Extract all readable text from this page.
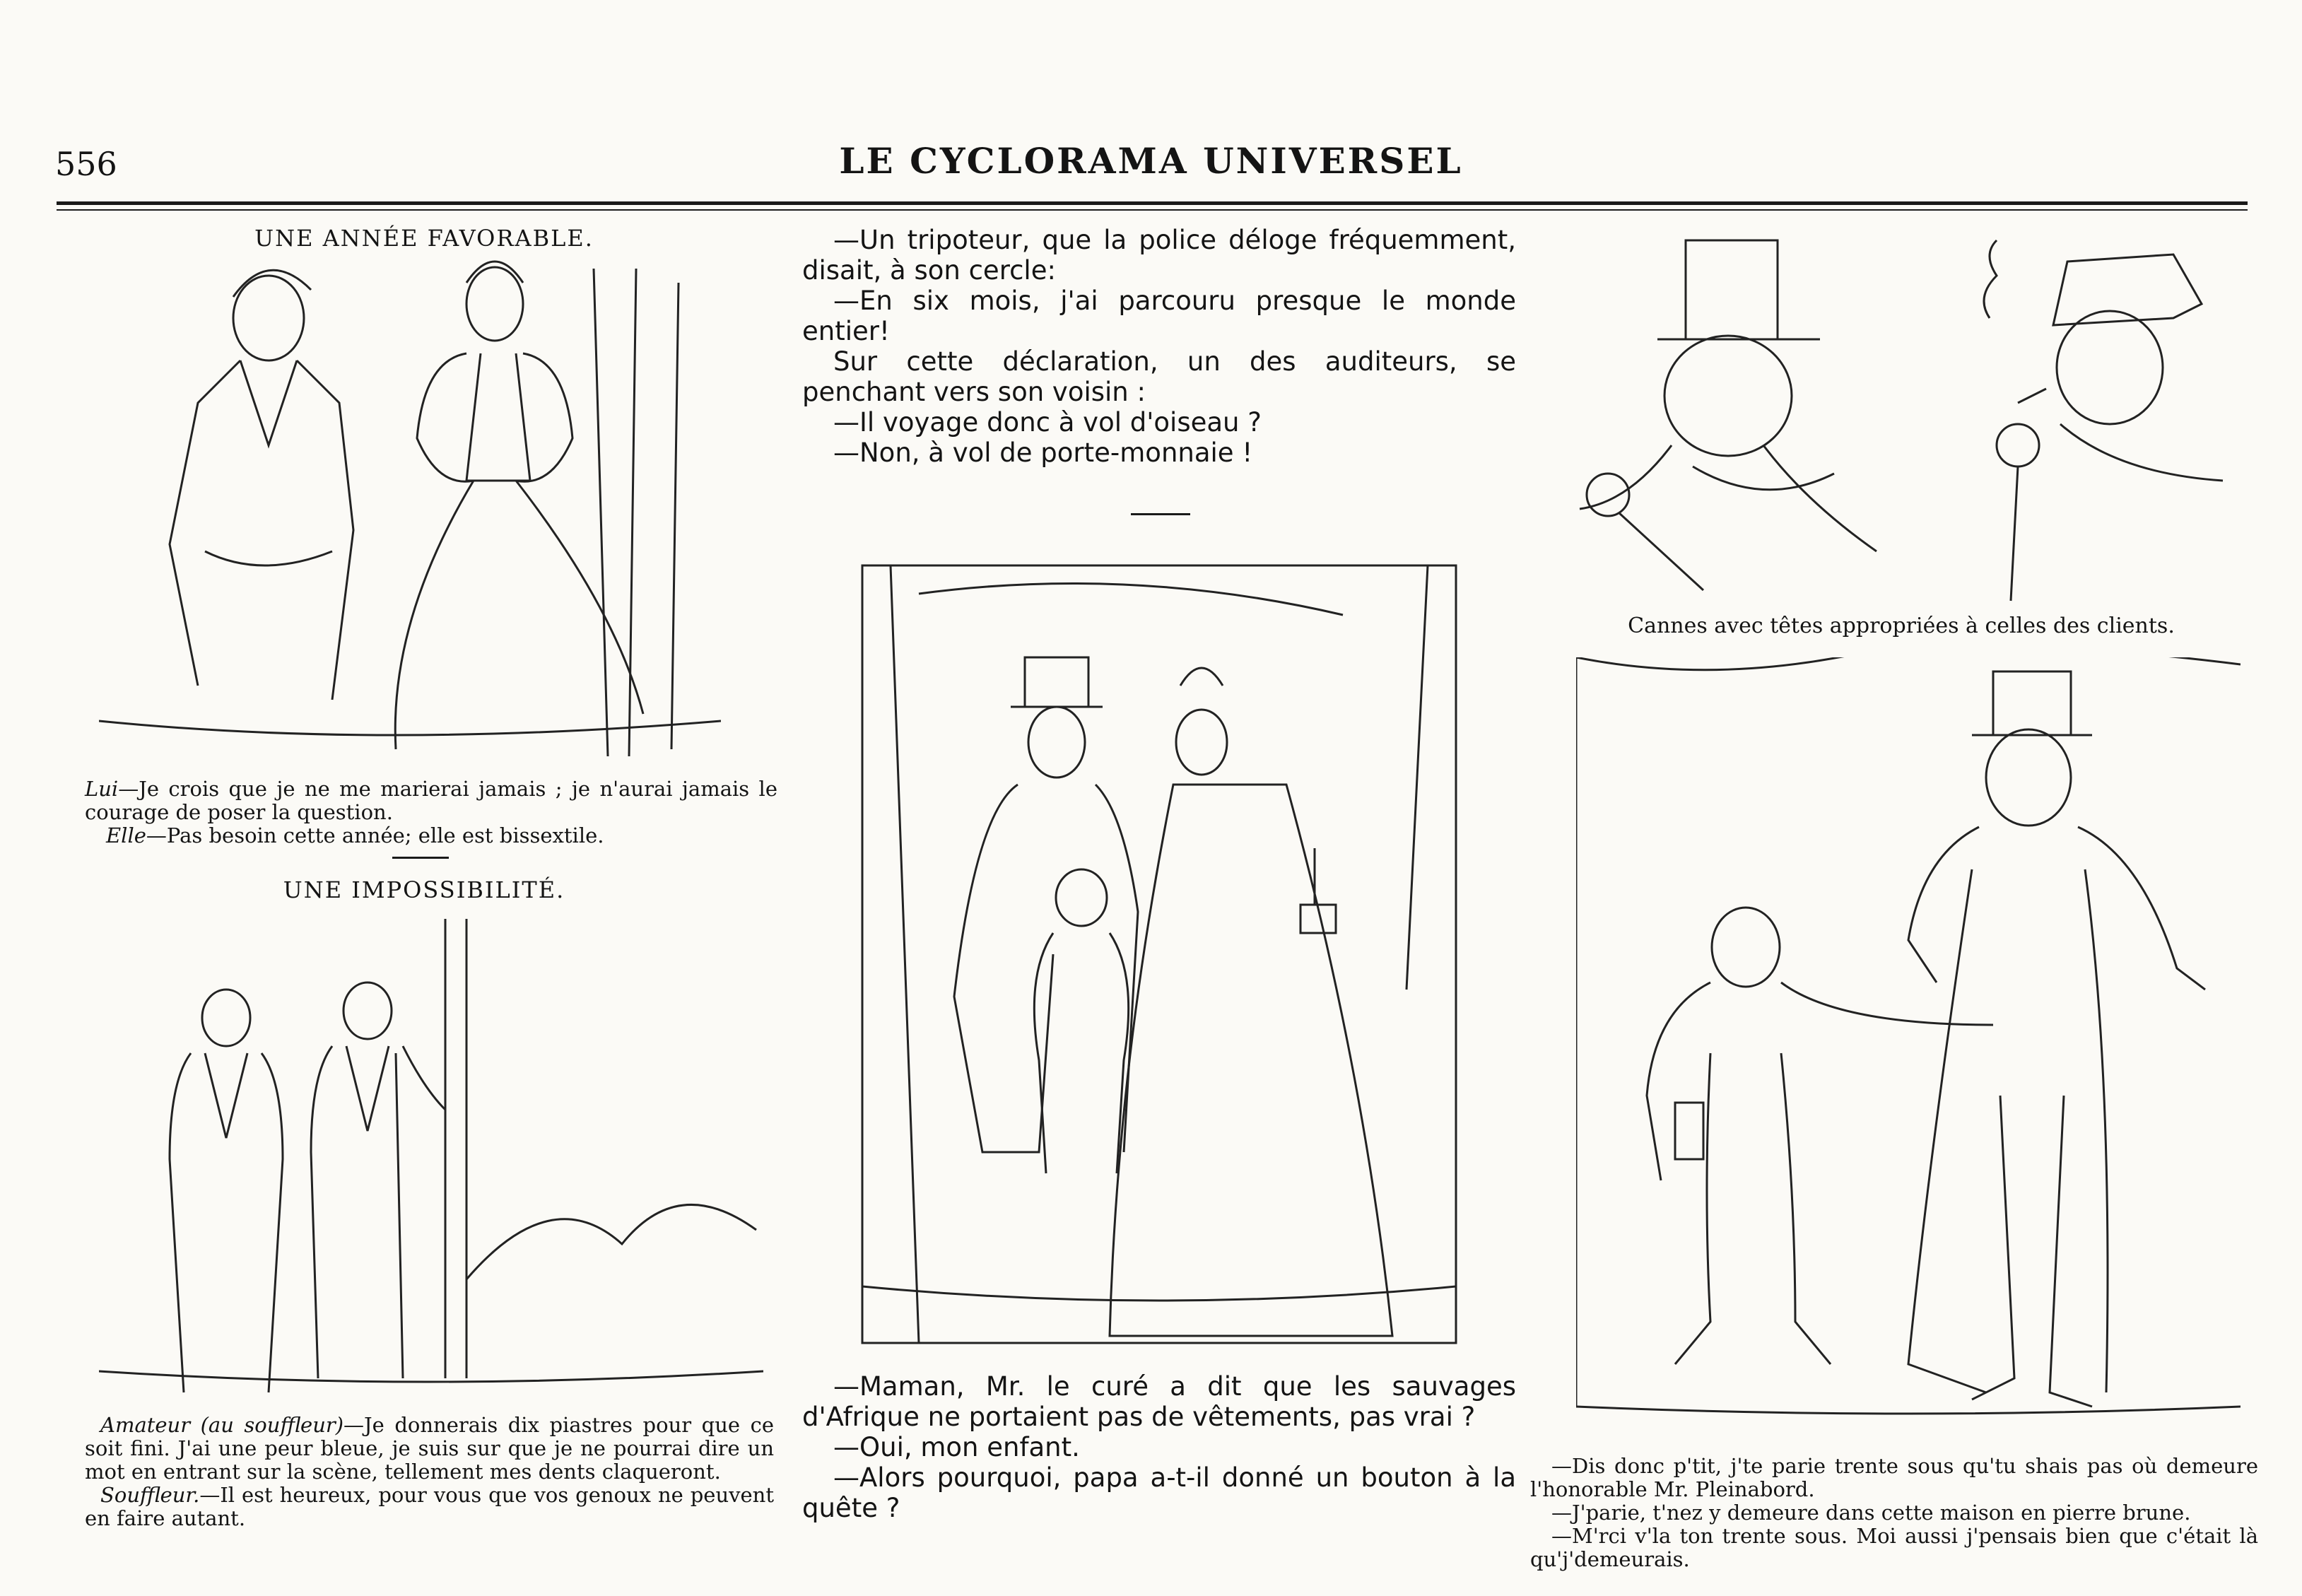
556	LE CYCLORAMA UNIVERSEL
UNE ANNÉE FAVORABLE.

Lui—Je crois que je ne me marierai jamais ; je n'aurai jamais le courage de poser la question.

Elle—Pas besoin cette année; elle est bissextile.

UNE IMPOSSIBILITÉ.

Amateur (au souffleur)—Je donnerais dix piastres pour que ce soit fini. J'ai une peur bleue, je suis sur que je ne pourrai dire un mot en entrant sur la scène, tellement mes dents claqueront.

Souffleur.—Il est heureux, pour vous que vos genoux ne peuvent en faire autant.

—Un tripoteur, que la police déloge fréquemment, disait, à son cercle:

—En six mois, j'ai parcouru presque le monde entier!

Sur cette déclaration, un des auditeurs, se penchant vers son voisin :

—Il voyage donc à vol d'oiseau ?

—Non, à vol de porte-monnaie !

—Maman, Mr. le curé a dit que les sauvages d'Afrique ne portaient pas de vêtements, pas vrai ?

—Oui, mon enfant.

—Alors pourquoi, papa a-t-il donné un bouton à la quête ?

Cannes avec têtes appropriées à celles des clients.

—Dis donc p'tit, j'te parie trente sous qu'tu shais pas où demeure l'honorable Mr. Pleinabord.

—J'parie, t'nez y demeure dans cette maison en pierre brune.

—M'rci v'la ton trente sous. Moi aussi j'pensais bien que c'était là qu'j'demeurais.
